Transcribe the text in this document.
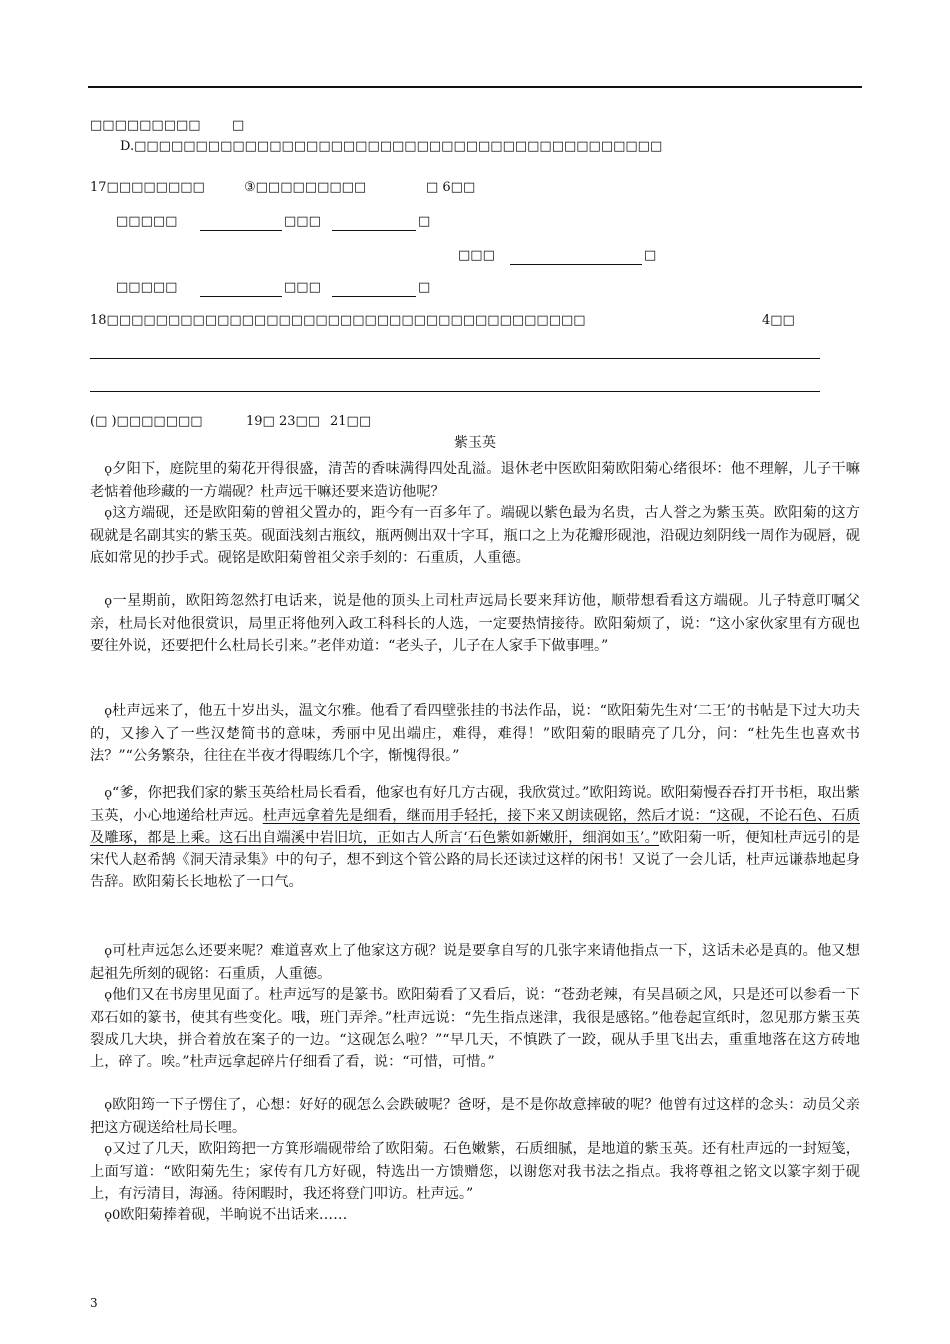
□□□□□□□□□ □
D.□□□□□□□□□□□□□□□□□□□□□□□□□□□□□□□□□□□□□□□□□□□
17□□□□□□□□	③□□□□□□□□□	□ 6□□
□□□□□	□□□	□
□□□	□
□□□□□	□□□	□
18□□□□□□□□□□□□□□□□□□□□□□□□□□□□□□□□□□□□□□□	4□□
(□ )□□□□□□□	19□ 23□□ 21□□
紫玉英
 ǫ夕阳下，庭院里的菊花开得很盛，清苦的香味满得四处乱溢。退休老中医欧阳菊欧阳菊心绪很坏：他不理解，儿子干嘛老惦着他珍藏的一方端砚？杜声远干嘛还要来造访他呢？
 ǫ这方端砚，还是欧阳菊的曾祖父置办的，距今有一百多年了。端砚以紫色最为名贵，古人誉之为紫玉英。欧阳菊的这方砚就是名副其实的紫玉英。砚面浅刻古瓶纹，瓶两侧出双十字耳，瓶口之上为花瓣形砚池，沿砚边刻阴线一周作为砚唇，砚底如常见的抄手式。砚铭是欧阳菊曾祖父亲手刻的：石重质，人重德。
 ǫ一星期前，欧阳筠忽然打电话来，说是他的顶头上司杜声远局长要来拜访他，顺带想看看这方端砚。儿子特意叮嘱父亲，杜局长对他很赏识，局里正将他列入政工科科长的人选，一定要热情接待。欧阳菊烦了，说：“这小家伙家里有方砚也要往外说，还要把什么杜局长引来。”老伴劝道：“老头子，儿子在人家手下做事哩。”
 ǫ杜声远来了，他五十岁出头，温文尔雅。他看了看四壁张挂的书法作品，说：“欧阳菊先生对‘二王’的书帖是下过大功夫的，又掺入了一些汉楚简书的意味，秀丽中见出端庄，难得，难得！”欧阳菊的眼睛亮了几分，问：“杜先生也喜欢书法？”“公务繁杂，往往在半夜才得暇练几个字，惭愧得很。”
 ǫ“爹，你把我们家的紫玉英给杜局长看看，他家也有好几方古砚，我欣赏过。”欧阳筠说。欧阳菊慢吞吞打开书柜，取出紫玉英，小心地递给杜声远。杜声远拿着先是细看，继而用手轻托，接下来又朗读砚铭，然后才说：“这砚，不论石色、石质及雕琢，都是上乘。这石出自端溪中岩旧坑，正如古人所言‘石色紫如新嫩肝，细润如玉’。”欧阳菊一听，便知杜声远引的是宋代人赵希鹄《洞天清录集》中的句子，想不到这个管公路的局长还读过这样的闲书！又说了一会儿话，杜声远谦恭地起身告辞。欧阳菊长长地松了一口气。
 ǫ可杜声远怎么还要来呢？难道喜欢上了他家这方砚？说是要拿自写的几张字来请他指点一下，这话未必是真的。他又想起祖先所刻的砚铭：石重质，人重德。
 ǫ他们又在书房里见面了。杜声远写的是篆书。欧阳菊看了又看后，说：“苍劲老辣，有吴昌硕之风，只是还可以参看一下邓石如的篆书，使其有些变化。哦，班门弄斧。”杜声远说：“先生指点迷津，我很是感铭。”他卷起宣纸时，忽见那方紫玉英裂成几大块，拼合着放在案子的一边。“这砚怎么啦？”“早几天，不慎跌了一跤，砚从手里飞出去，重重地落在这方砖地上，碎了。唉。”杜声远拿起碎片仔细看了看，说：“可惜，可惜。”
 ǫ欧阳筠一下子愣住了，心想：好好的砚怎么会跌破呢？爸呀，是不是你故意摔破的呢？他曾有过这样的念头：动员父亲把这方砚送给杜局长哩。
 ǫ又过了几天，欧阳筠把一方箕形端砚带给了欧阳菊。石色嫩紫，石质细腻，是地道的紫玉英。还有杜声远的一封短笺，上面写道：“欧阳菊先生；家传有几方好砚，特选出一方馈赠您，以谢您对我书法之指点。我将尊祖之铭文以篆字刻于砚上，有污清目，海涵。待闲暇时，我还将登门叩访。杜声远。”
 ǫ0欧阳菊捧着砚，半晌说不出话来……
3
